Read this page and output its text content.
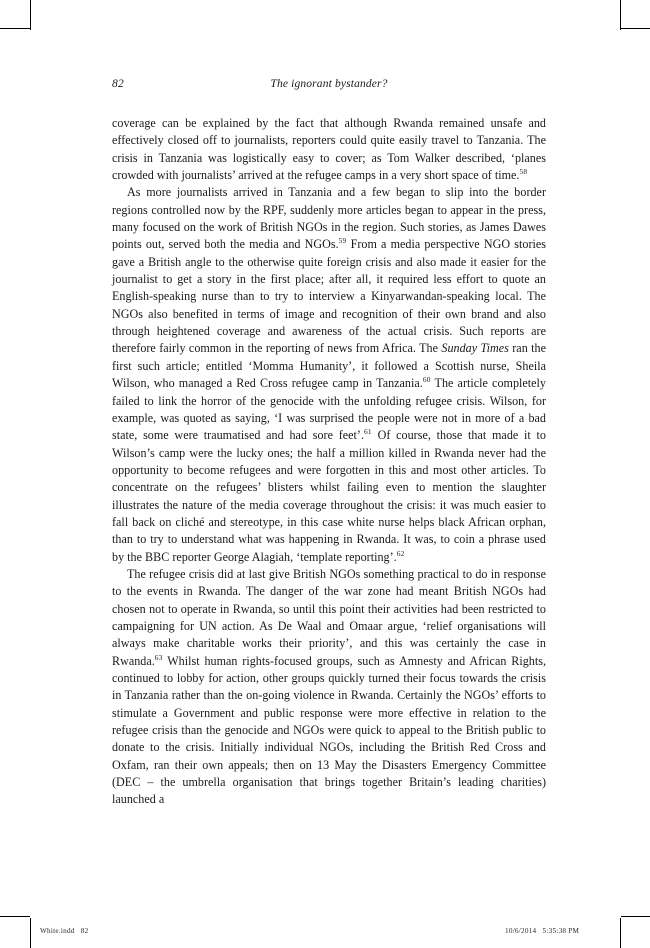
82	The ignorant bystander?

coverage can be explained by the fact that although Rwanda remained unsafe and effectively closed off to journalists, reporters could quite easily travel to Tanzania. The crisis in Tanzania was logistically easy to cover; as Tom Walker described, ‘planes crowded with journalists’ arrived at the refugee camps in a very short space of time.$^{58}$

As more journalists arrived in Tanzania and a few began to slip into the border regions controlled now by the RPF, suddenly more articles began to appear in the press, many focused on the work of British NGOs in the region. Such stories, as James Dawes points out, served both the media and NGOs.$^{59}$ From a media perspective NGO stories gave a British angle to the otherwise quite foreign crisis and also made it easier for the journalist to get a story in the first place; after all, it required less effort to quote an English-speaking nurse than to try to interview a Kinyarwandan-speaking local. The NGOs also benefited in terms of image and recognition of their own brand and also through heightened coverage and awareness of the actual crisis. Such reports are therefore fairly common in the reporting of news from Africa. The Sunday Times ran the first such article; entitled ‘Momma Humanity’, it followed a Scottish nurse, Sheila Wilson, who managed a Red Cross refugee camp in Tanzania.$^{60}$ The article completely failed to link the horror of the genocide with the unfolding refugee crisis. Wilson, for example, was quoted as saying, ‘I was surprised the people were not in more of a bad state, some were traumatised and had sore feet’.$^{61}$ Of course, those that made it to Wilson’s camp were the lucky ones; the half a million killed in Rwanda never had the opportunity to become refugees and were forgotten in this and most other articles. To concentrate on the refugees’ blisters whilst failing even to mention the slaughter illustrates the nature of the media coverage throughout the crisis: it was much easier to fall back on cliché and stereotype, in this case white nurse helps black African orphan, than to try to understand what was happening in Rwanda. It was, to coin a phrase used by the BBC reporter George Alagiah, ‘template reporting’.$^{62}$

The refugee crisis did at last give British NGOs something practical to do in response to the events in Rwanda. The danger of the war zone had meant British NGOs had chosen not to operate in Rwanda, so until this point their activities had been restricted to campaigning for UN action. As De Waal and Omaar argue, ‘relief organisations will always make charitable works their priority’, and this was certainly the case in Rwanda.$^{63}$ Whilst human rights-focused groups, such as Amnesty and African Rights, continued to lobby for action, other groups quickly turned their focus towards the crisis in Tanzania rather than the on-going violence in Rwanda. Certainly the NGOs’ efforts to stimulate a Government and public response were more effective in relation to the refugee crisis than the genocide and NGOs were quick to appeal to the British public to donate to the crisis. Initially individual NGOs, including the British Red Cross and Oxfam, ran their own appeals; then on 13 May the Disasters Emergency Committee (DEC – the umbrella organisation that brings together Britain’s leading charities) launched a

White.indd   82	10/6/2014   5:35:38 PM
